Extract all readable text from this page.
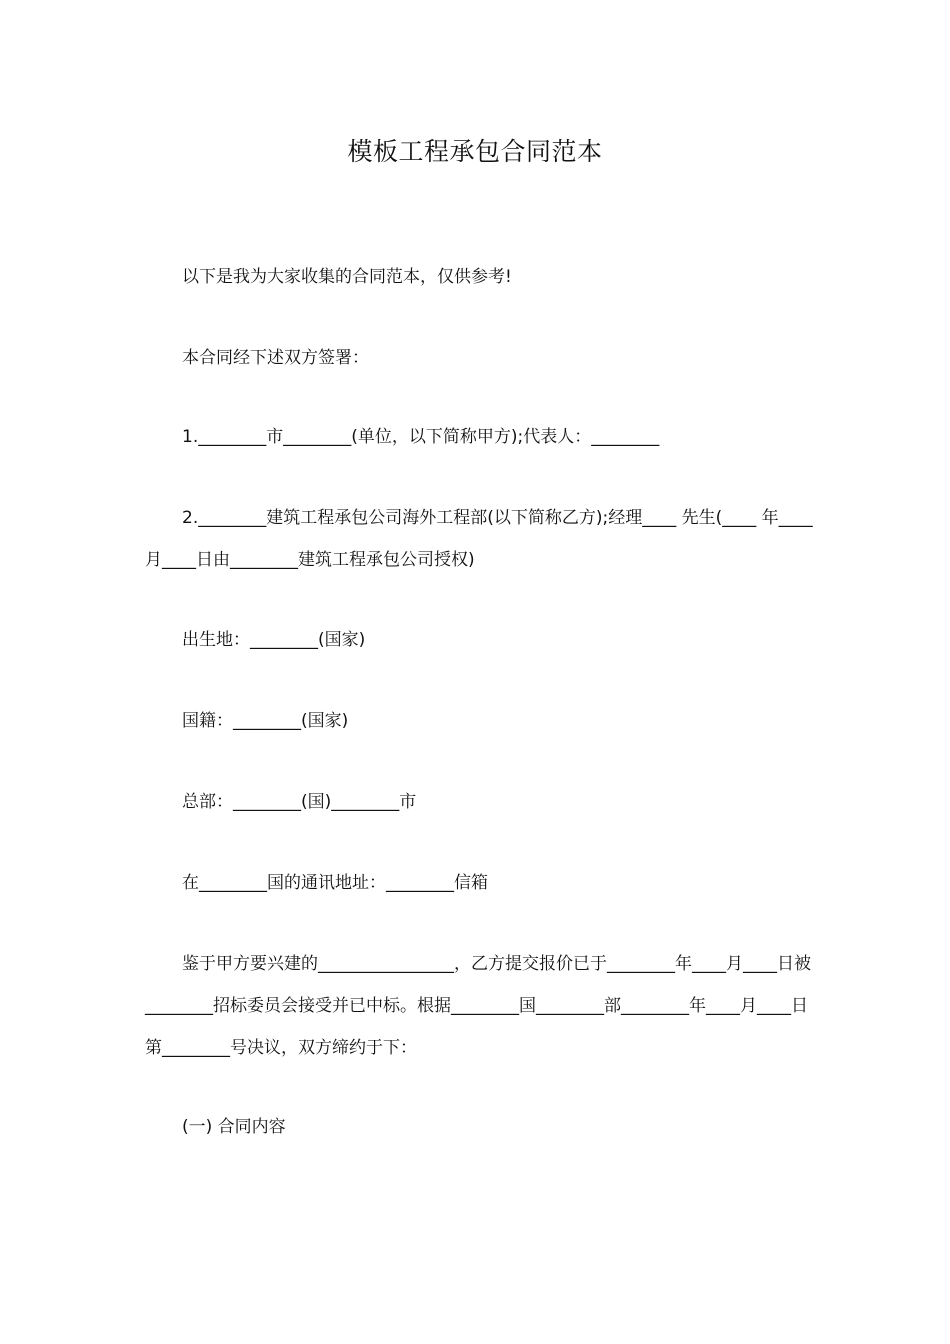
模板工程承包合同范本
以下是我为大家收集的合同范本，仅供参考!
本合同经下述双方签署：
1.________市________(单位，以下简称甲方);代表人：________
2.________建筑工程承包公司海外工程部(以下简称乙方);经理____ 先生(____ 年____月____日由________建筑工程承包公司授权)
出生地：________(国家)
国籍：________(国家)
总部：________(国)________市
在________国的通讯地址：________信箱
鉴于甲方要兴建的________________，乙方提交报价已于________年____月____日被________招标委员会接受并已中标。根据________国________部________年____月____日第________号决议，双方缔约于下：
(一) 合同内容
